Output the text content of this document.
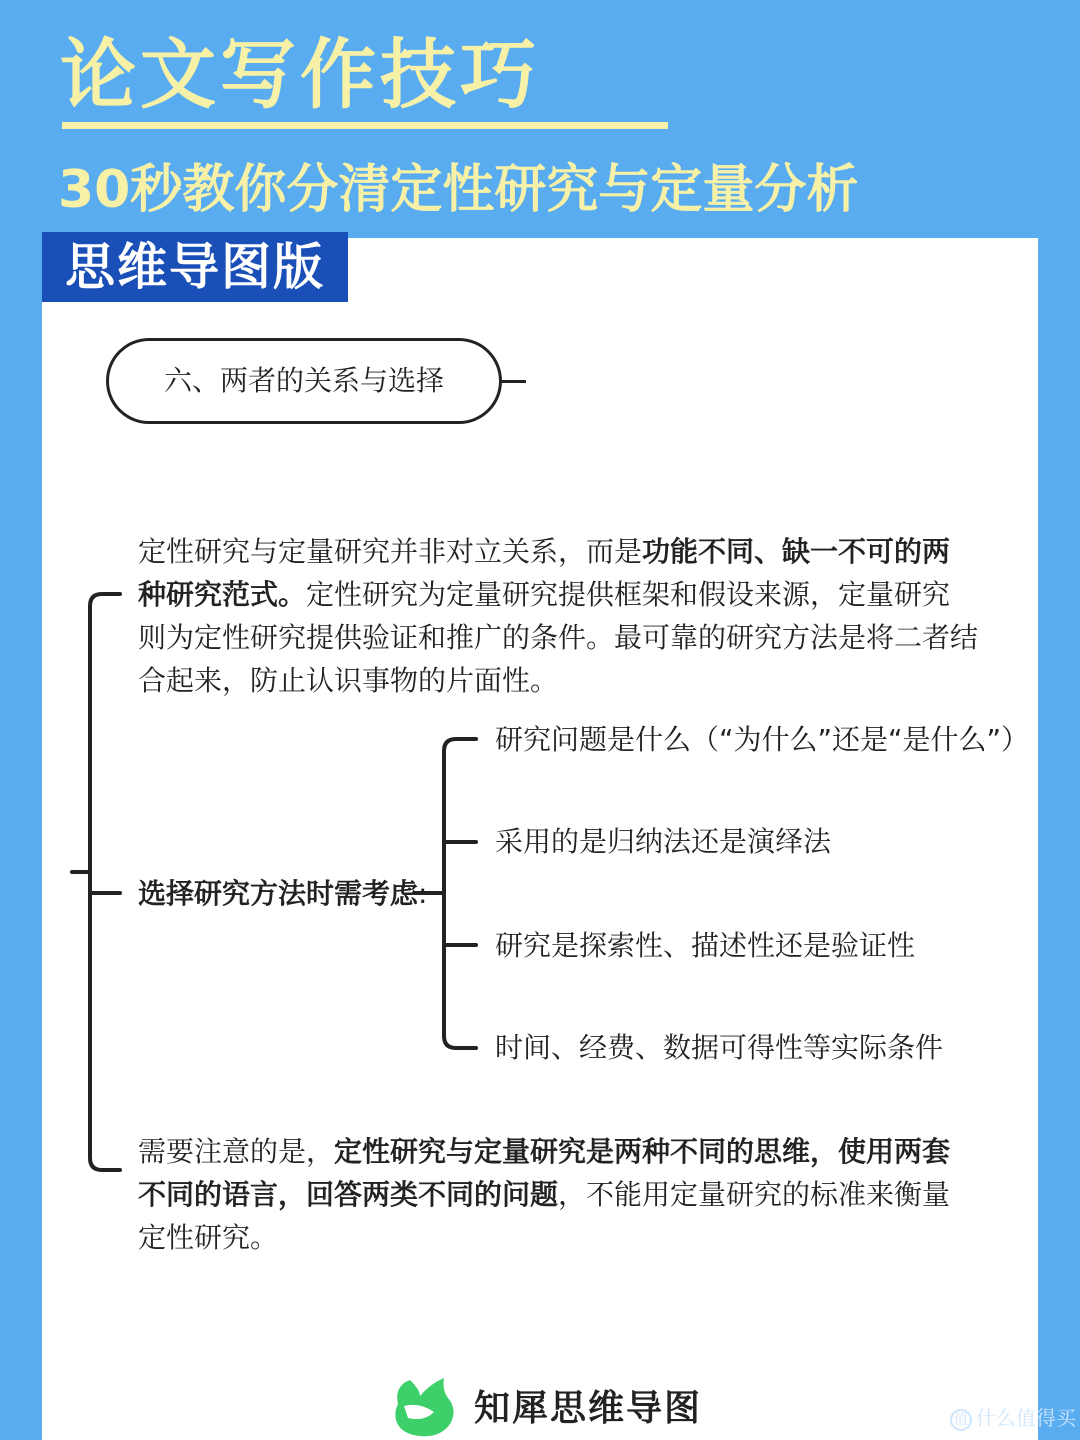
论文写作技巧
30秒教你分清定性研究与定量分析
思维导图版
六、两者的关系与选择
定性研究与定量研究并非对立关系，而是功能不同、缺一不可的两种研究范式。定性研究为定量研究提供框架和假设来源，定量研究则为定性研究提供验证和推广的条件。最可靠的研究方法是将二者结合起来，防止认识事物的片面性。
选择研究方法时需考虑:
研究问题是什么（“为什么”还是“是什么”）
采用的是归纳法还是演绎法
研究是探索性、描述性还是验证性
时间、经费、数据可得性等实际条件
需要注意的是，定性研究与定量研究是两种不同的思维，使用两套不同的语言，回答两类不同的问题，不能用定量研究的标准来衡量定性研究。
知犀思维导图	值 什么值得买
